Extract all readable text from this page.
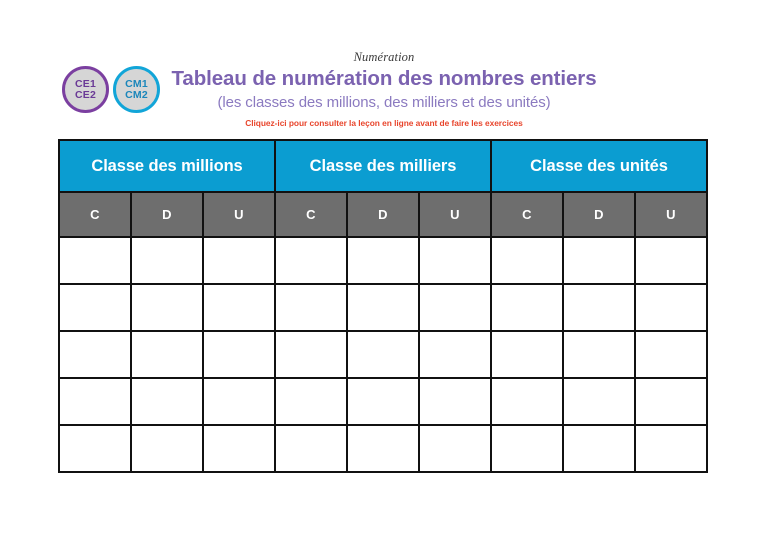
CE1
CE2
CM1
CM2

Numération

Tableau de numération des nombres entiers

(les classes des millions, des milliers et des unités)

Cliquez-ici pour consulter la leçon en ligne avant de faire les exercices

Classe des millions			Classe des milliers			Classe des unités		
C	D	U	C	D	U	C	D	U
